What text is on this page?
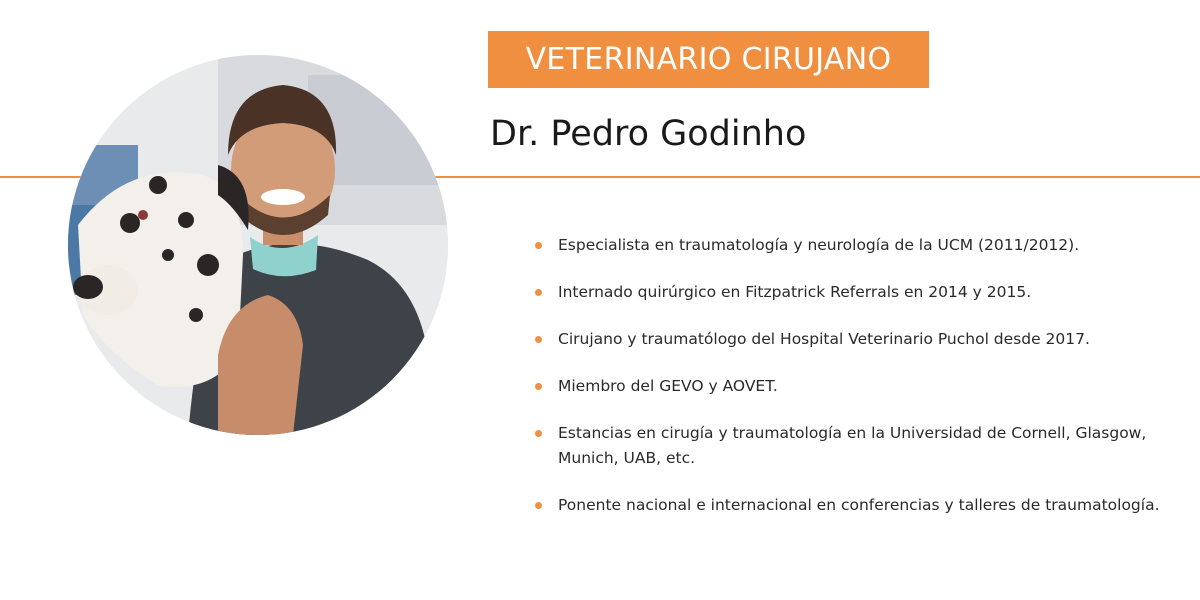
VETERINARIO CIRUJANO
Dr. Pedro Godinho
Especialista en traumatología y neurología de la UCM (2011/2012).
Internado quirúrgico en Fitzpatrick Referrals en 2014 y 2015.
Cirujano y traumatólogo del Hospital Veterinario Puchol desde 2017.
Miembro del GEVO y AOVET.
Estancias en cirugía y traumatología en la Universidad de Cornell, Glasgow, Munich, UAB, etc.
Ponente nacional e internacional en conferencias y talleres de traumatología.
